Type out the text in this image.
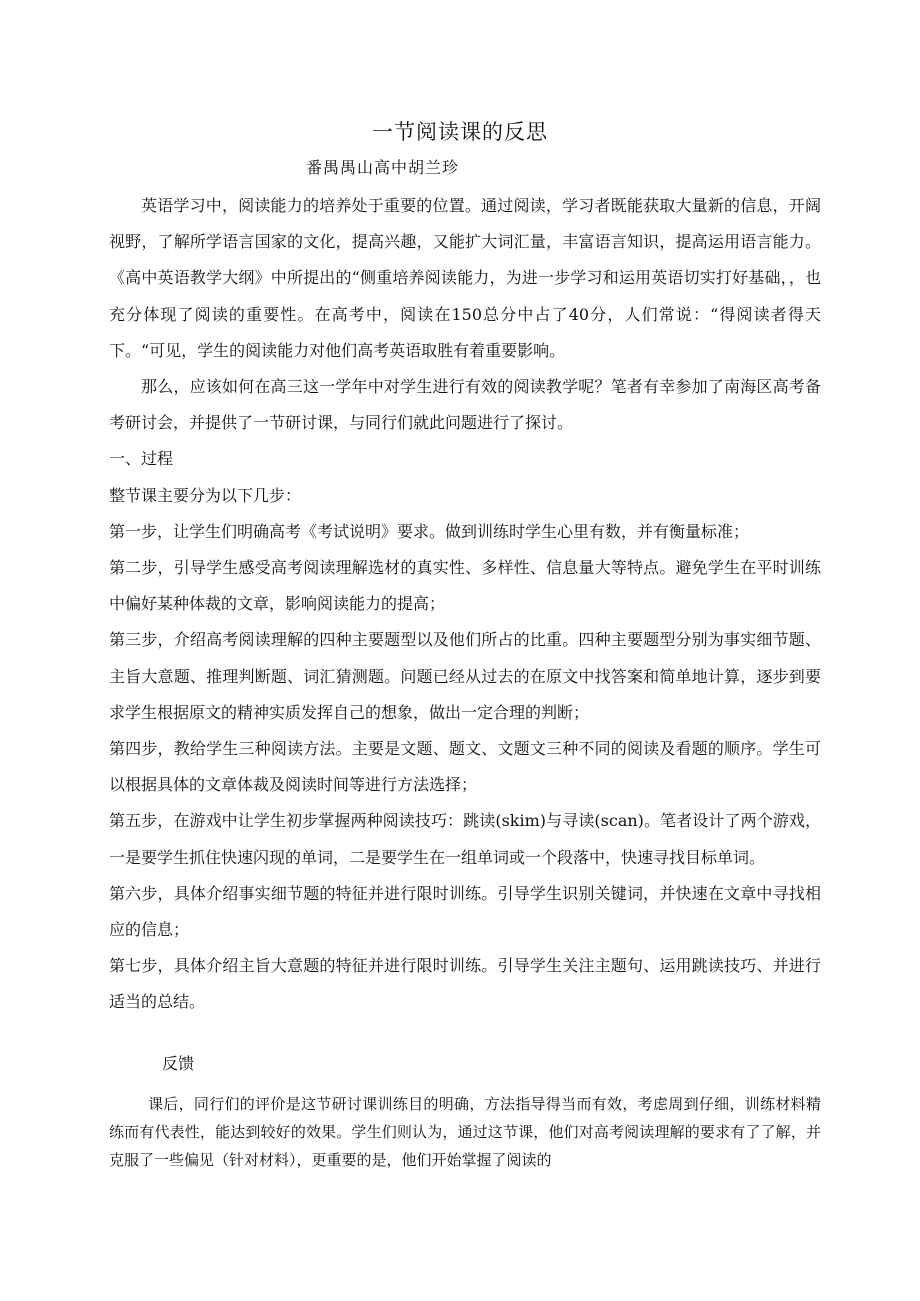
一节阅读课的反思
番禺禺山高中胡兰珍

英语学习中，阅读能力的培养处于重要的位置。通过阅读，学习者既能获取大量新的信息，开阔视野，了解所学语言国家的文化，提高兴趣，又能扩大词汇量，丰富语言知识，提高运用语言能力。《高中英语教学大纲》中所提出的“侧重培养阅读能力，为进一步学习和运用英语切实打好基础，，也充分体现了阅读的重要性。在高考中，阅读在150总分中占了40分，人们常说：“得阅读者得天下。“可见，学生的阅读能力对他们高考英语取胜有着重要影响。

那么，应该如何在高三这一学年中对学生进行有效的阅读教学呢？笔者有幸参加了南海区高考备考研讨会，并提供了一节研讨课，与同行们就此问题进行了探讨。

一、过程

整节课主要分为以下几步：

第一步，让学生们明确高考《考试说明》要求。做到训练时学生心里有数，并有衡量标准；

第二步，引导学生感受高考阅读理解选材的真实性、多样性、信息量大等特点。避免学生在平时训练中偏好某种体裁的文章，影响阅读能力的提高；

第三步，介绍高考阅读理解的四种主要题型以及他们所占的比重。四种主要题型分别为事实细节题、主旨大意题、推理判断题、词汇猜测题。问题已经从过去的在原文中找答案和简单地计算，逐步到要求学生根据原文的精神实质发挥自己的想象，做出一定合理的判断；

第四步，教给学生三种阅读方法。主要是文题、题文、文题文三种不同的阅读及看题的顺序。学生可以根据具体的文章体裁及阅读时间等进行方法选择；

第五步，在游戏中让学生初步掌握两种阅读技巧：跳读(skim)与寻读(scan)。笔者设计了两个游戏，一是要学生抓住快速闪现的单词，二是要学生在一组单词或一个段落中，快速寻找目标单词。

第六步，具体介绍事实细节题的特征并进行限时训练。引导学生识别关键词，并快速在文章中寻找相应的信息；

第七步，具体介绍主旨大意题的特征并进行限时训练。引导学生关注主题句、运用跳读技巧、并进行适当的总结。

反馈

课后，同行们的评价是这节研讨课训练目的明确，方法指导得当而有效，考虑周到仔细，训练材料精练而有代表性，能达到较好的效果。学生们则认为，通过这节课，他们对高考阅读理解的要求有了了解，并克服了一些偏见（针对材料），更重要的是，他们开始掌握了阅读的
